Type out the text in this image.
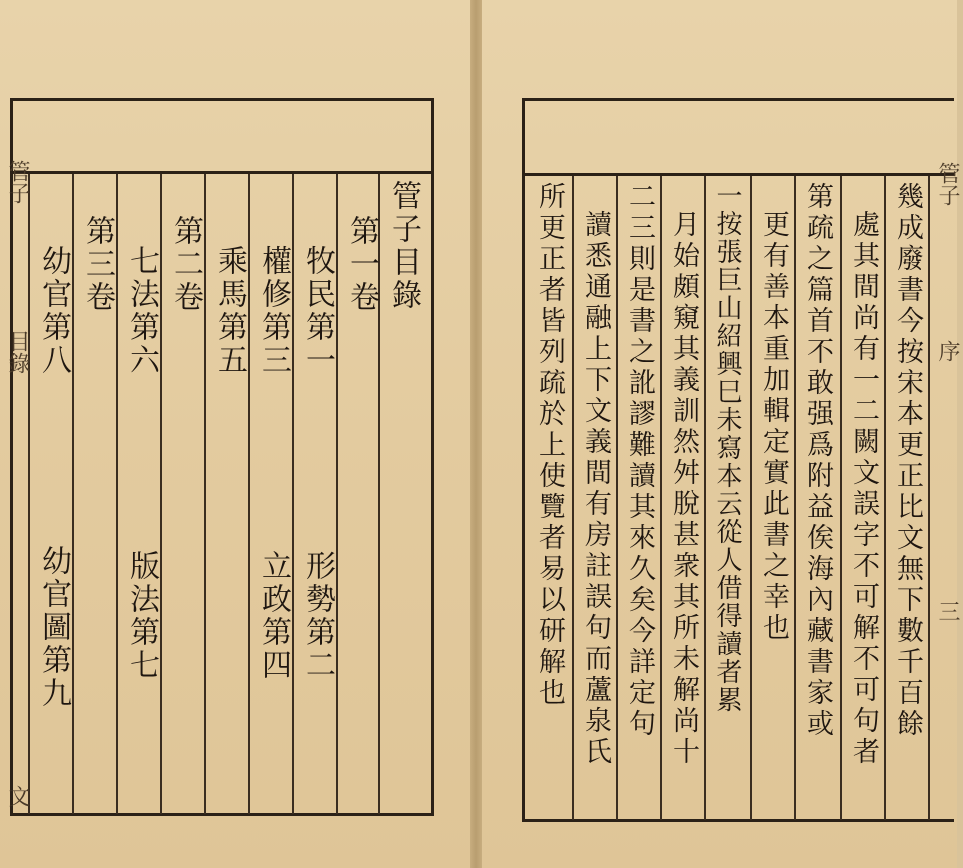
管子目錄
第一卷
牧民第一
形勢第二
權修第三
立政第四
乘馬第五
第二卷
七法第六
版法第七
第三卷
幼官第八
幼官圖第九
管子
目錄
文
幾成廢書今按宋本更正比文無下數千百餘
處其間尚有一二闕文誤字不可解不可句者
第疏之篇首不敢强爲附益俟海內藏書家或
更有善本重加輯定實此書之幸也
一按張巨山紹興巳未寫本云從人借得讀者累
月始頗窺其義訓然舛脫甚衆其所未解尚十
二三則是書之訛謬難讀其來久矣今詳定句
讀悉通融上下文義間有房註誤句而蘆泉氏
所更正者皆列疏於上使覽者易以研解也	管子
序
三
